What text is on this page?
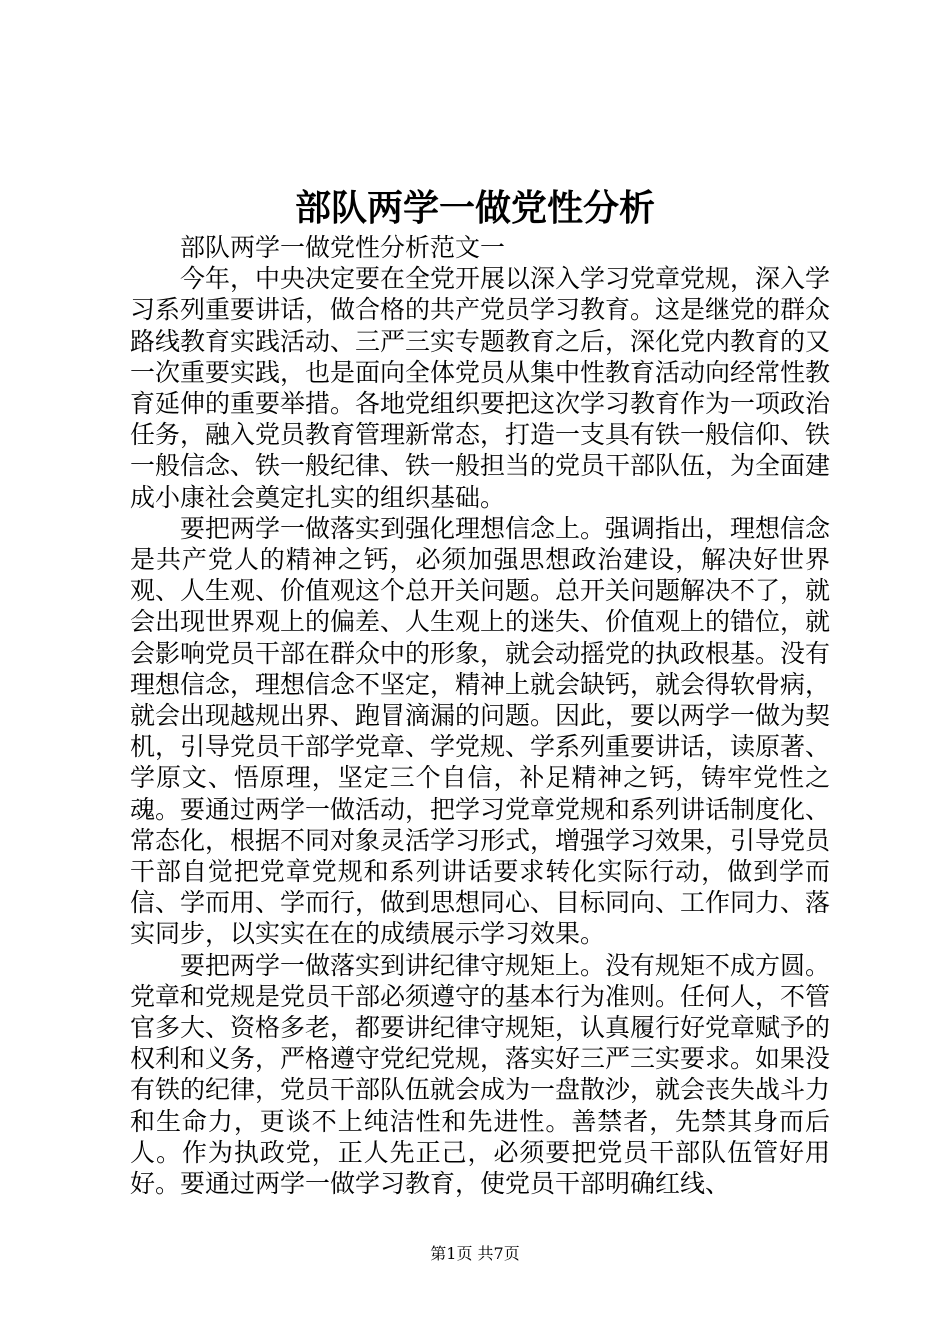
部队两学一做党性分析

部队两学一做党性分析范文一

今年，中央决定要在全党开展以深入学习党章党规，深入学习系列重要讲话，做合格的共产党员学习教育。这是继党的群众路线教育实践活动、三严三实专题教育之后，深化党内教育的又一次重要实践，也是面向全体党员从集中性教育活动向经常性教育延伸的重要举措。各地党组织要把这次学习教育作为一项政治任务，融入党员教育管理新常态，打造一支具有铁一般信仰、铁一般信念、铁一般纪律、铁一般担当的党员干部队伍，为全面建成小康社会奠定扎实的组织基础。

要把两学一做落实到强化理想信念上。强调指出，理想信念是共产党人的精神之钙，必须加强思想政治建设，解决好世界观、人生观、价值观这个总开关问题。总开关问题解决不了，就会出现世界观上的偏差、人生观上的迷失、价值观上的错位，就会影响党员干部在群众中的形象，就会动摇党的执政根基。没有理想信念，理想信念不坚定，精神上就会缺钙，就会得软骨病，就会出现越规出界、跑冒滴漏的问题。因此，要以两学一做为契机，引导党员干部学党章、学党规、学系列重要讲话，读原著、学原文、悟原理，坚定三个自信，补足精神之钙，铸牢党性之魂。要通过两学一做活动，把学习党章党规和系列讲话制度化、常态化，根据不同对象灵活学习形式，增强学习效果，引导党员干部自觉把党章党规和系列讲话要求转化实际行动，做到学而信、学而用、学而行，做到思想同心、目标同向、工作同力、落实同步，以实实在在的成绩展示学习效果。

要把两学一做落实到讲纪律守规矩上。没有规矩不成方圆。党章和党规是党员干部必须遵守的基本行为准则。任何人，不管官多大、资格多老，都要讲纪律守规矩，认真履行好党章赋予的权利和义务，严格遵守党纪党规，落实好三严三实要求。如果没有铁的纪律，党员干部队伍就会成为一盘散沙，就会丧失战斗力和生命力，更谈不上纯洁性和先进性。善禁者，先禁其身而后人。作为执政党，正人先正己，必须要把党员干部队伍管好用好。要通过两学一做学习教育，使党员干部明确红线、

第1页 共7页
